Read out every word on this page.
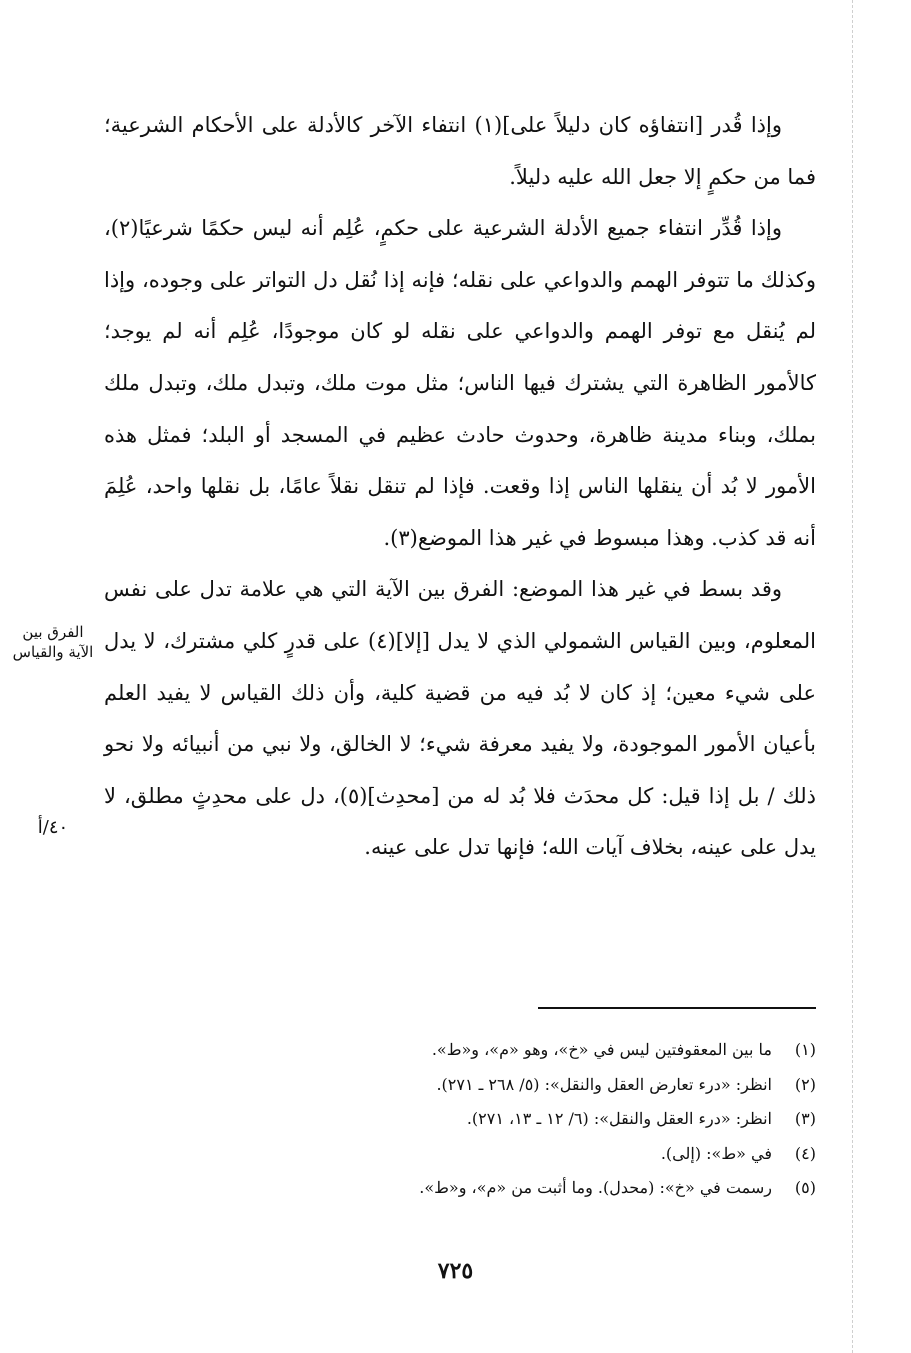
وإذا قُدر [انتفاؤه كان دليلاً على](١) انتفاء الآخر كالأدلة على الأحكام الشرعية؛ فما من حكمٍ إلا جعل الله عليه دليلاً.

وإذا قُدِّر انتفاء جميع الأدلة الشرعية على حكمٍ، عُلِم أنه ليس حكمًا شرعيًا(٢)، وكذلك ما تتوفر الهمم والدواعي على نقله؛ فإنه إذا نُقل دل التواتر على وجوده، وإذا لم يُنقل مع توفر الهمم والدواعي على نقله لو كان موجودًا، عُلِم أنه لم يوجد؛ كالأمور الظاهرة التي يشترك فيها الناس؛ مثل موت ملك، وتبدل ملك، وتبدل ملك بملك، وبناء مدينة ظاهرة، وحدوث حادث عظيم في المسجد أو البلد؛ فمثل هذه الأمور لا بُد أن ينقلها الناس إذا وقعت. فإذا لم تنقل نقلاً عامًا، بل نقلها واحد، عُلِمَ أنه قد كذب. وهذا مبسوط في غير هذا الموضع(٣).

وقد بسط في غير هذا الموضع: الفرق بين الآية التي هي علامة تدل على نفس المعلوم، وبين القياس الشمولي الذي لا يدل [إلا](٤) على قدرٍ كلي مشترك، لا يدل على شيء معين؛ إذ كان لا بُد فيه من قضية كلية، وأن ذلك القياس لا يفيد العلم بأعيان الأمور الموجودة، ولا يفيد معرفة شيء؛ لا الخالق، ولا نبي من أنبيائه ولا نحو ذلك / بل إذا قيل: كل محدَث فلا بُد له من [محدِث](٥)، دل على محدِثٍ مطلق، لا يدل على عينه، بخلاف آيات الله؛ فإنها تدل على عينه.

الفرق بين الآية والقياس
٤٠/أ
(١)
ما بين المعقوفتين ليس في «خ»، وهو «م»، و«ط».
(٢)
انظر: «درء تعارض العقل والنقل»: (٥/ ٢٦٨ ـ ٢٧١).
(٣)
انظر: «درء العقل والنقل»: (٦/ ١٢ ـ ١٣، ٢٧١).
(٤)
في «ط»: (إلى).
(٥)
رسمت في «خ»: (محدل). وما أثبت من «م»، و«ط».
٧٢٥
